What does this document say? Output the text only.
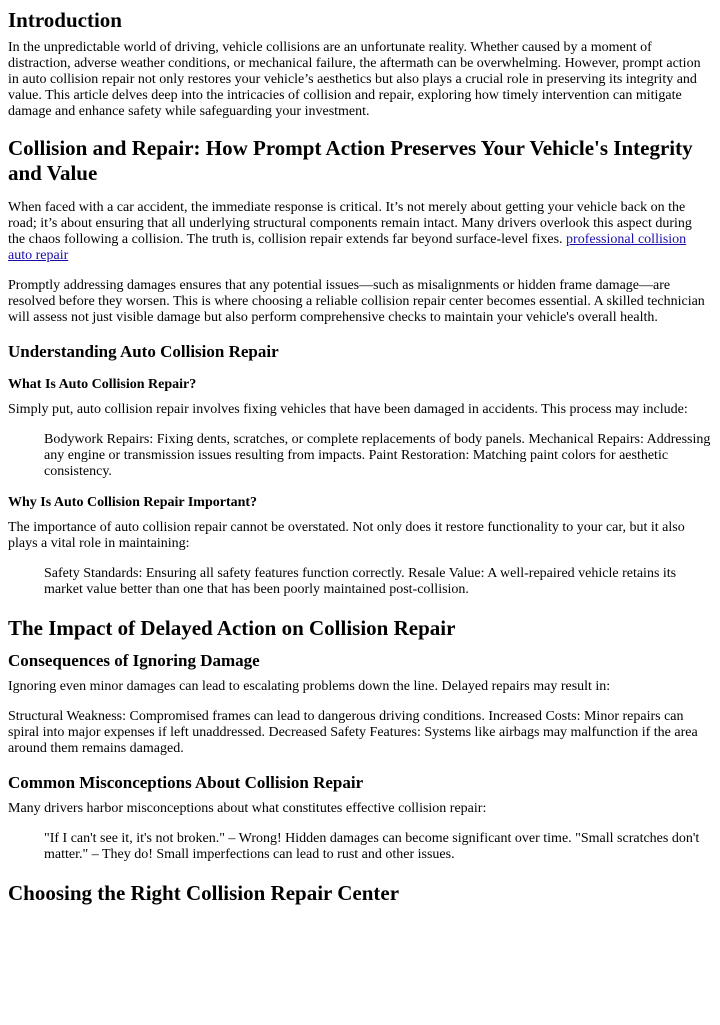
Introduction

In the unpredictable world of driving, vehicle collisions are an unfortunate reality. Whether caused by a moment of distraction, adverse weather conditions, or mechanical failure, the aftermath can be overwhelming. However, prompt action in auto collision repair not only restores your vehicle’s aesthetics but also plays a crucial role in preserving its integrity and value. This article delves deep into the intricacies of collision and repair, exploring how timely intervention can mitigate damage and enhance safety while safeguarding your investment.

Collision and Repair: How Prompt Action Preserves Your Vehicle's Integrity and Value

When faced with a car accident, the immediate response is critical. It’s not merely about getting your vehicle back on the road; it’s about ensuring that all underlying structural components remain intact. Many drivers overlook this aspect during the chaos following a collision. The truth is, collision repair extends far beyond surface-level fixes. professional collision auto repair

Promptly addressing damages ensures that any potential issues—such as misalignments or hidden frame damage—are resolved before they worsen. This is where choosing a reliable collision repair center becomes essential. A skilled technician will assess not just visible damage but also perform comprehensive checks to maintain your vehicle's overall health.

Understanding Auto Collision Repair
What Is Auto Collision Repair?

Simply put, auto collision repair involves fixing vehicles that have been damaged in accidents. This process may include:

Bodywork Repairs: Fixing dents, scratches, or complete replacements of body panels. Mechanical Repairs: Addressing any engine or transmission issues resulting from impacts. Paint Restoration: Matching paint colors for aesthetic consistency.
Why Is Auto Collision Repair Important?

The importance of auto collision repair cannot be overstated. Not only does it restore functionality to your car, but it also plays a vital role in maintaining:

Safety Standards: Ensuring all safety features function correctly. Resale Value: A well-repaired vehicle retains its market value better than one that has been poorly maintained post-collision.
The Impact of Delayed Action on Collision Repair
Consequences of Ignoring Damage

Ignoring even minor damages can lead to escalating problems down the line. Delayed repairs may result in:

Structural Weakness: Compromised frames can lead to dangerous driving conditions. Increased Costs: Minor repairs can spiral into major expenses if left unaddressed. Decreased Safety Features: Systems like airbags may malfunction if the area around them remains damaged.

Common Misconceptions About Collision Repair

Many drivers harbor misconceptions about what constitutes effective collision repair:

"If I can't see it, it's not broken." – Wrong! Hidden damages can become significant over time. "Small scratches don't matter." – They do! Small imperfections can lead to rust and other issues.
Choosing the Right Collision Repair Center
